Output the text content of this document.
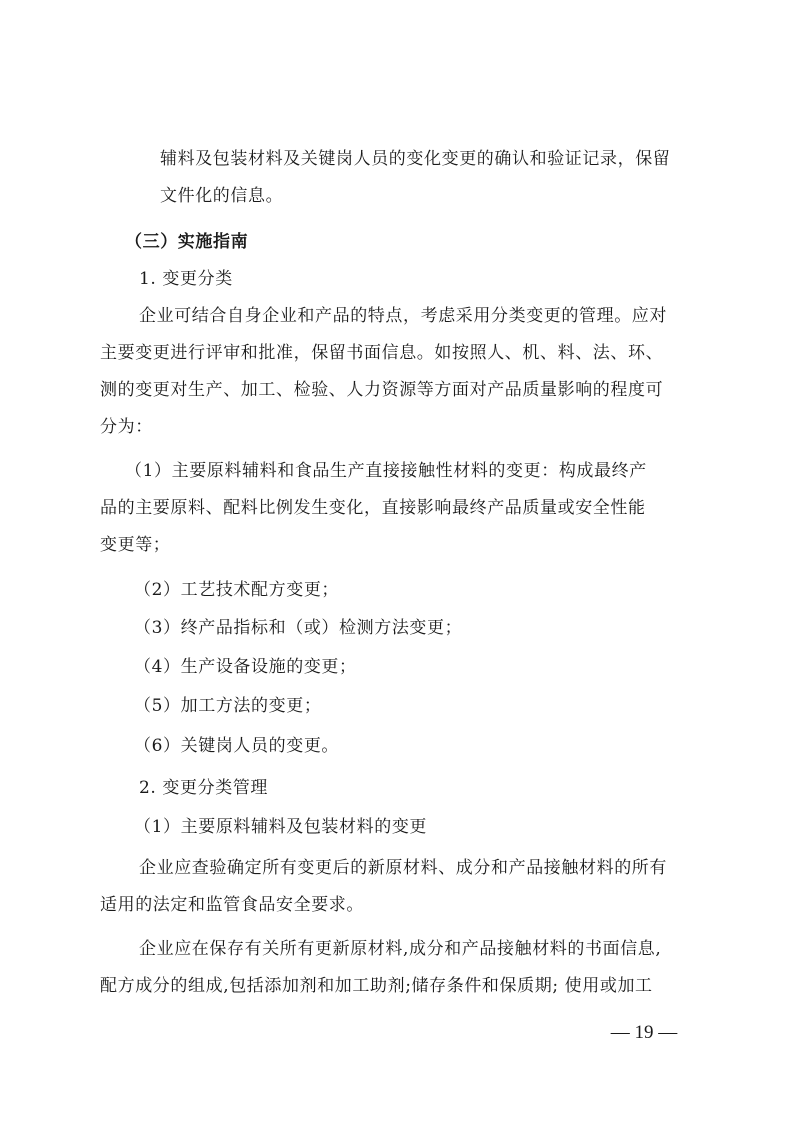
辅料及包装材料及关键岗人员的变化变更的确认和验证记录，保留
文件化的信息。
（三）实施指南
1. 变更分类
企业可结合自身企业和产品的特点，考虑采用分类变更的管理。应对
主要变更进行评审和批准，保留书面信息。如按照人、机、料、法、环、
测的变更对生产、加工、检验、人力资源等方面对产品质量影响的程度可
分为：
（1）主要原料辅料和食品生产直接接触性材料的变更：构成最终产
品的主要原料、配料比例发生变化，直接影响最终产品质量或安全性能
变更等；
（2）工艺技术配方变更；
（3）终产品指标和（或）检测方法变更；
（4）生产设备设施的变更；
（5）加工方法的变更；
（6）关键岗人员的变更。
2. 变更分类管理
（1）主要原料辅料及包装材料的变更
企业应查验确定所有变更后的新原材料、成分和产品接触材料的所有
适用的法定和监管食品安全要求。
企业应在保存有关所有更新原材料,成分和产品接触材料的书面信息,
配方成分的组成,包括添加剂和加工助剂;储存条件和保质期; 使用或加工
— 19 —
